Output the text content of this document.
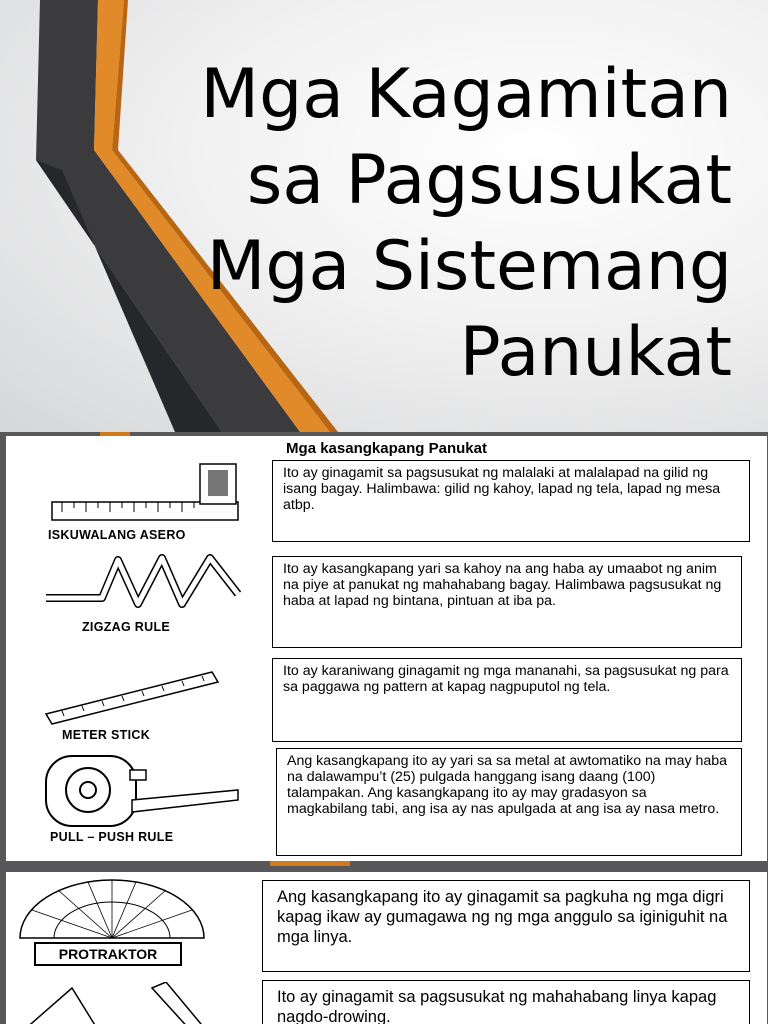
Mga Kagamitan
sa Pagsusukat
Mga Sistemang
Panukat
Mga kasangkapang Panukat
ISKUWALANG ASERO
Ito ay ginagamit sa pagsusukat ng malalaki at malalapad na gilid ng isang bagay. Halimbawa: gilid ng kahoy, lapad ng tela, lapad ng mesa atbp.
ZIGZAG RULE
Ito ay kasangkapang yari sa kahoy na ang haba ay umaabot ng anim na piye at panukat ng mahahabang bagay. Halimbawa pagsusukat ng haba at lapad ng bintana, pintuan at iba pa.
METER STICK
Ito ay karaniwang ginagamit ng mga mananahi, sa pagsusukat ng para sa paggawa ng pattern at kapag nagpuputol ng tela.
PULL – PUSH RULE
Ang kasangkapang ito ay yari sa sa metal at awtomatiko na may haba na dalawampu’t (25) pulgada hanggang isang daang (100) talampakan. Ang kasangkapang ito ay may gradasyon sa magkabilang tabi, ang isa ay nas apulgada at ang isa ay nasa metro.
PROTRAKTOR
Ang kasangkapang ito ay ginagamit sa pagkuha ng mga digri kapag ikaw ay gumagawa ng ng mga anggulo sa iginiguhit na mga linya.
Ito ay ginagamit sa pagsusukat ng mahahabang linya kapag nagdo-drowing.
